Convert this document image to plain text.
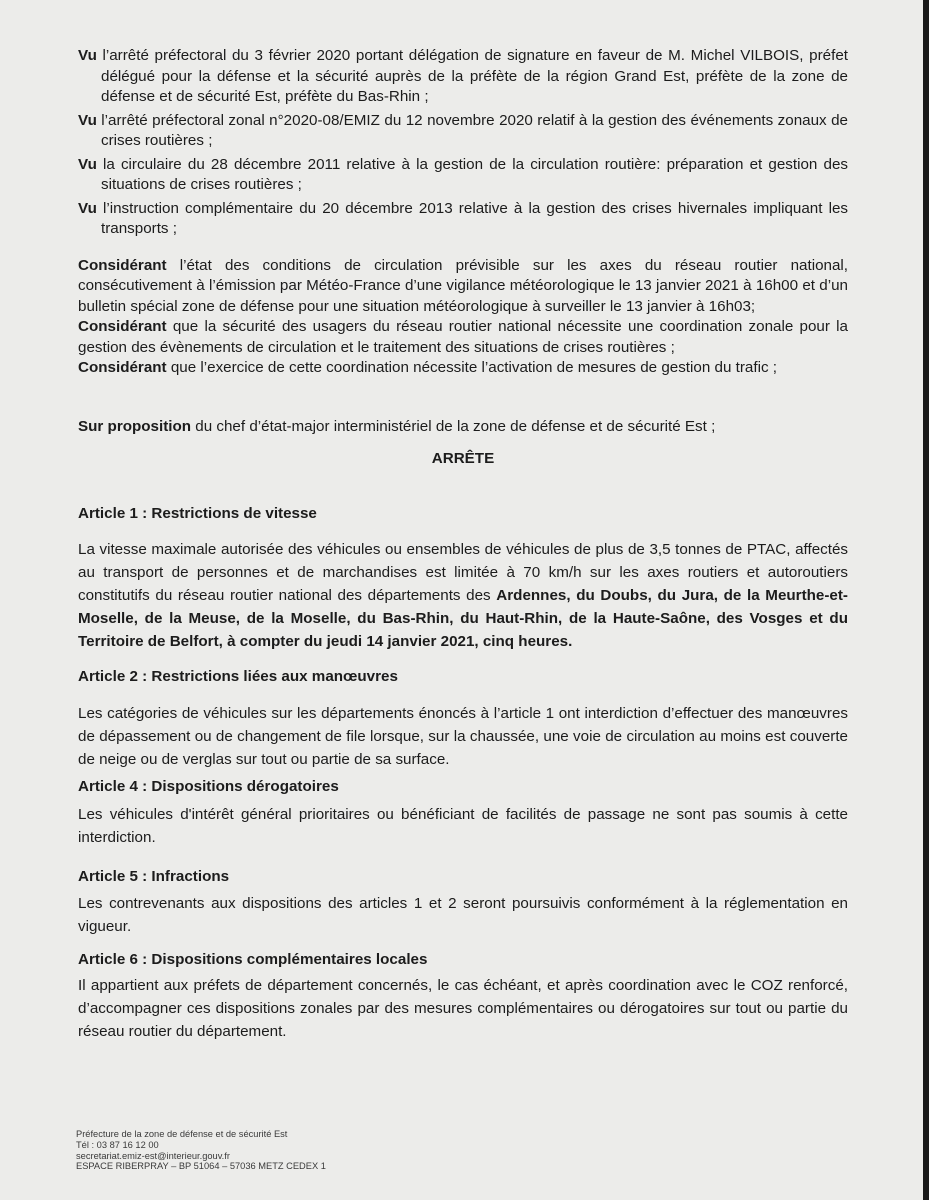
Vu l’arrêté préfectoral du 3 février 2020 portant délégation de signature en faveur de M. Michel VILBOIS, préfet délégué pour la défense et la sécurité auprès de la préfète de la région Grand Est, préfète de la zone de défense et de sécurité Est, préfète du Bas-Rhin ;

Vu l’arrêté préfectoral zonal n°2020-08/EMIZ du 12 novembre 2020 relatif à la gestion des événements zonaux de crises routières ;

Vu la circulaire du 28 décembre 2011 relative à la gestion de la circulation routière: préparation et gestion des situations de crises routières ;

Vu l’instruction complémentaire du 20 décembre 2013 relative à la gestion des crises hivernales impliquant les transports ;

Considérant l’état des conditions de circulation prévisible sur les axes du réseau routier national, consécutivement à l’émission par Météo-France d’une vigilance météorologique le 13 janvier 2021 à 16h00 et d’un bulletin spécial zone de défense pour une situation météorologique à surveiller le 13 janvier à 16h03;

Considérant que la sécurité des usagers du réseau routier national nécessite une coordination zonale pour la gestion des évènements de circulation et le traitement des situations de crises routières ;

Considérant que l’exercice de cette coordination nécessite l’activation de mesures de gestion du trafic ;

Sur proposition du chef d’état-major interministériel de la zone de défense et de sécurité Est ;

ARRÊTE

Article 1 : Restrictions de vitesse

La vitesse maximale autorisée des véhicules ou ensembles de véhicules de plus de 3,5 tonnes de PTAC, affectés au transport de personnes et de marchandises est limitée à 70 km/h sur les axes routiers et autoroutiers constitutifs du réseau routier national des départements des Ardennes, du Doubs, du Jura, de la Meurthe-et-Moselle, de la Meuse, de la Moselle, du Bas-Rhin, du Haut-Rhin, de la Haute-Saône, des Vosges et du Territoire de Belfort, à compter du jeudi 14 janvier 2021, cinq heures.

Article 2 : Restrictions liées aux manœuvres

Les catégories de véhicules sur les départements énoncés à l’article 1 ont interdiction d’effectuer des manœuvres de dépassement ou de changement de file lorsque, sur la chaussée, une voie de circulation au moins est couverte de neige ou de verglas sur tout ou partie de sa surface.

Article 4 : Dispositions dérogatoires

Les véhicules d'intérêt général prioritaires ou bénéficiant de facilités de passage ne sont pas soumis à cette interdiction.

Article 5 : Infractions

Les contrevenants aux dispositions des articles 1 et 2 seront poursuivis conformément à la réglementation en vigueur.

Article 6 : Dispositions complémentaires locales

Il appartient aux préfets de département concernés, le cas échéant, et après coordination avec le COZ renforcé, d’accompagner ces dispositions zonales par des mesures complémentaires ou dérogatoires sur tout ou partie du réseau routier du département.

Préfecture de la zone de défense et de sécurité Est
Tél : 03 87 16 12 00
secretariat.emiz-est@interieur.gouv.fr
ESPACE RIBERPRAY – BP 51064 – 57036 METZ CEDEX 1
